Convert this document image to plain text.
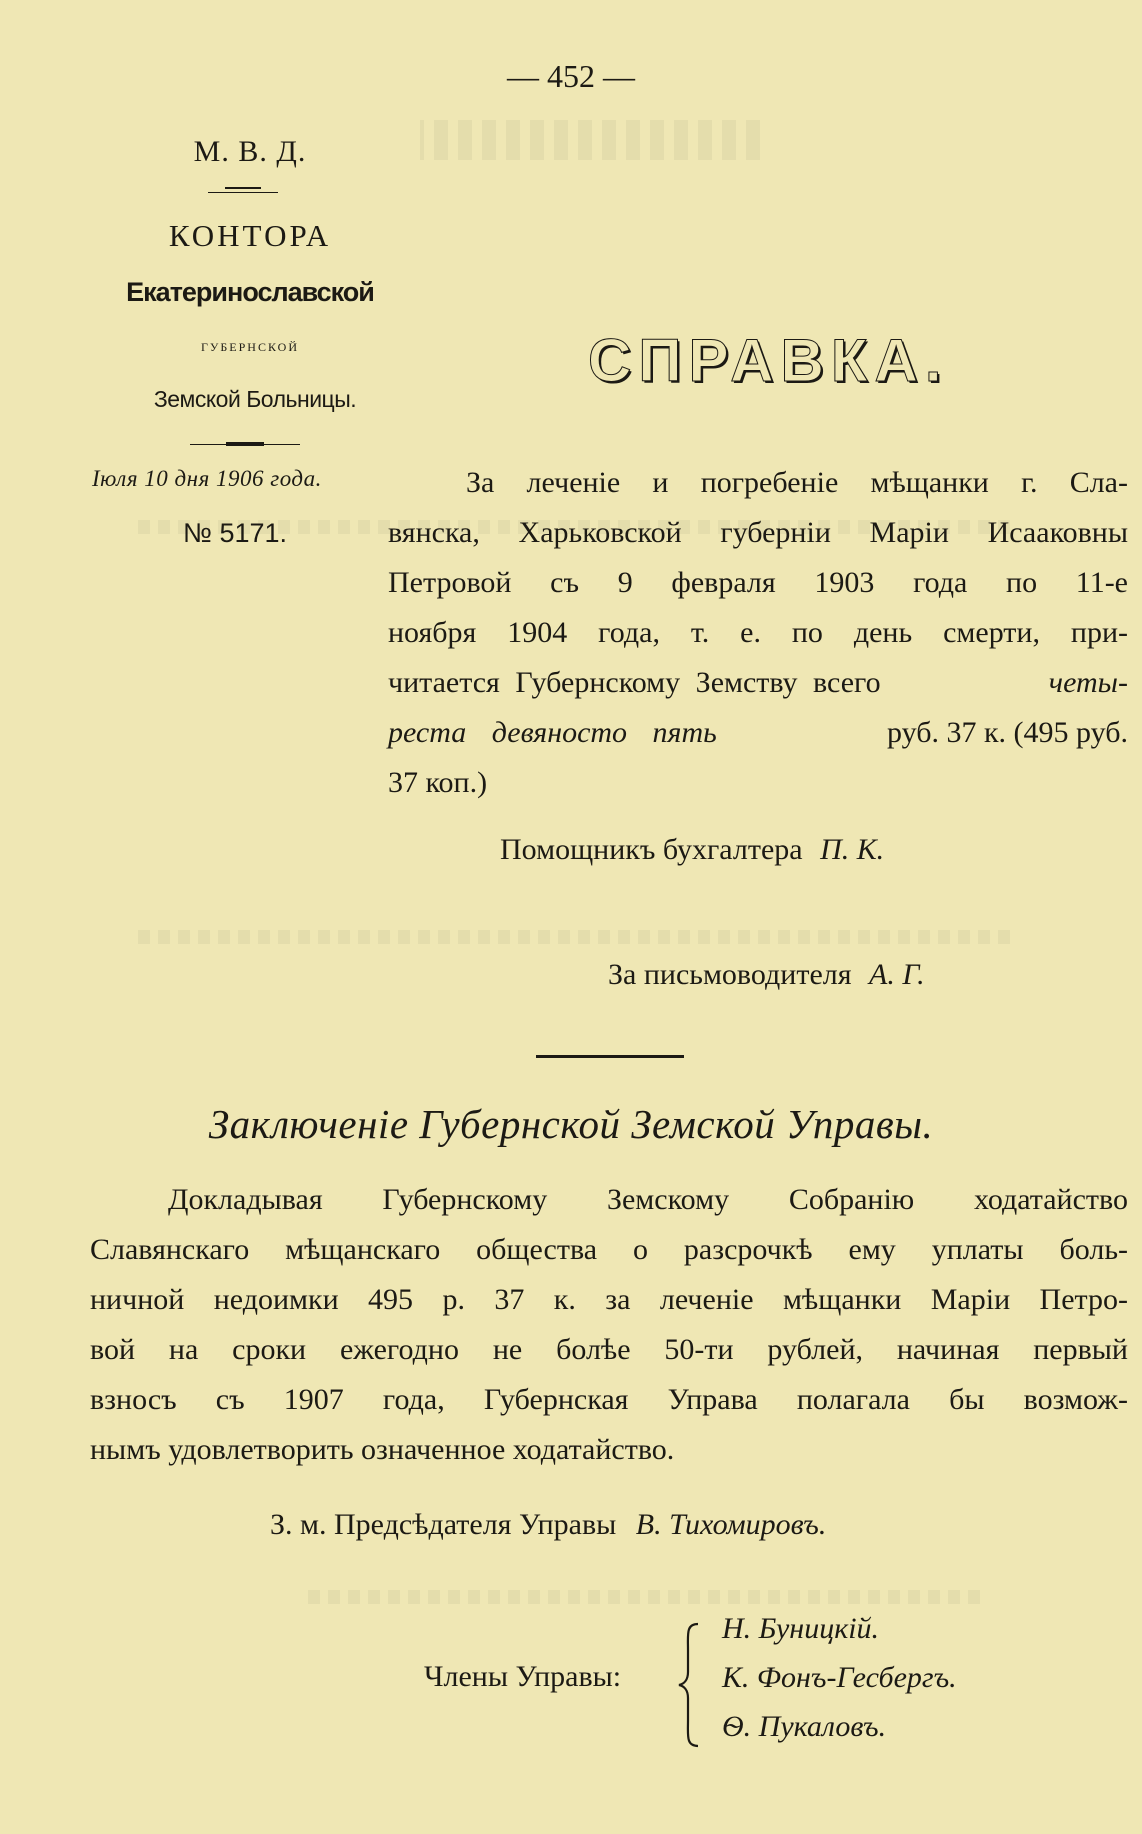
— 452 —
М. В. Д.
КОНТОРА
Екатеринославской
ГУБЕРНСКОЙ
Земской Больницы.
Іюля 10 дня 1906 года.
№ 5171.
СПРАВКА.
За леченіе и погребеніе мѣщанки г. Сла-
вянска, Харьковской губерніи Маріи Исааковны
Петровой съ 9 февраля 1903 года по 11-е
ноября 1904 года, т. е. по день смерти, при-
читается Губернскому Земству всего	четы-
реста девяносто пять	руб. 37 к. (495 руб.
37 коп.)
Помощникъ бухгалтера П. К.
За письмоводителя А. Г.
Заключеніе Губернской Земской Управы.
Докладывая Губернскому Земскому Собранію ходатайство
Славянскаго мѣщанскаго общества о разсрочкѣ ему уплаты боль-
ничной недоимки 495 р. 37 к. за леченіе мѣщанки Маріи Петро-
вой на сроки ежегодно не болѣе 50-ти рублей, начиная первый
взносъ съ 1907 года, Губернская Управа полагала бы возмож-
нымъ удовлетворить означенное ходатайство.
З. м. Предсѣдателя Управы В. Тихомировъ.
Члены Управы:
Н. Буницкій.
К. Фонъ-Гесбергъ.
Ѳ. Пукаловъ.
